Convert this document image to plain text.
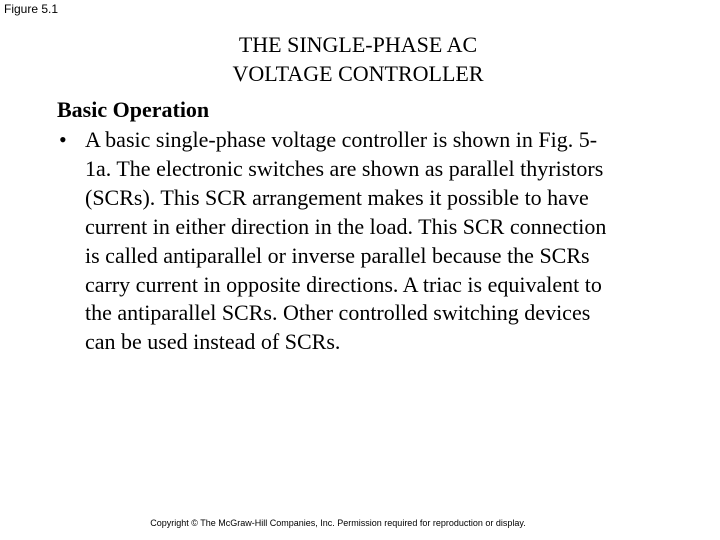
Figure 5.1
THE SINGLE-PHASE AC
VOLTAGE CONTROLLER
Basic Operation
• A basic single-phase voltage controller is shown in Fig. 5-
1a. The electronic switches are shown as parallel thyristors
(SCRs). This SCR arrangement makes it possible to have
current in either direction in the load. This SCR connection
is called antiparallel or inverse parallel because the SCRs
carry current in opposite directions. A triac is equivalent to
the antiparallel SCRs. Other controlled switching devices
can be used instead of SCRs.
Copyright © The McGraw-Hill Companies, Inc. Permission required for reproduction or display.
